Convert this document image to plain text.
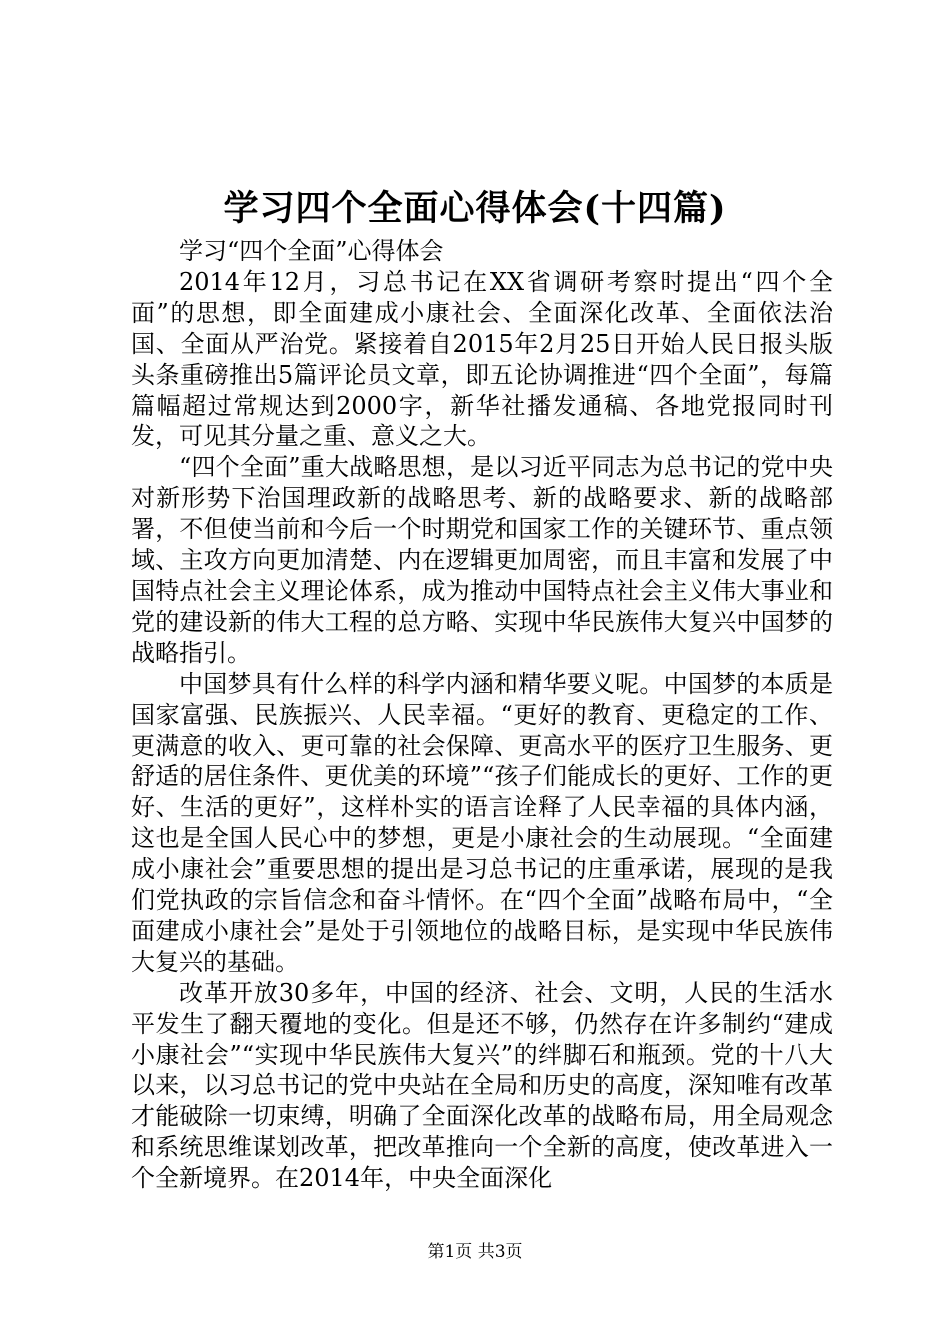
学习四个全面心得体会(十四篇)

学习“四个全面”心得体会

2014年12月，习总书记在XX省调研考察时提出“四个全面”的思想，即全面建成小康社会、全面深化改革、全面依法治国、全面从严治党。紧接着自2015年2月25日开始人民日报头版头条重磅推出5篇评论员文章，即五论协调推进“四个全面”，每篇篇幅超过常规达到2000字，新华社播发通稿、各地党报同时刊发，可见其分量之重、意义之大。

“四个全面”重大战略思想，是以习近平同志为总书记的党中央对新形势下治国理政新的战略思考、新的战略要求、新的战略部署，不但使当前和今后一个时期党和国家工作的关键环节、重点领域、主攻方向更加清楚、内在逻辑更加周密，而且丰富和发展了中国特点社会主义理论体系，成为推动中国特点社会主义伟大事业和党的建设新的伟大工程的总方略、实现中华民族伟大复兴中国梦的战略指引。

中国梦具有什么样的科学内涵和精华要义呢。中国梦的本质是国家富强、民族振兴、人民幸福。“更好的教育、更稳定的工作、更满意的收入、更可靠的社会保障、更高水平的医疗卫生服务、更舒适的居住条件、更优美的环境”“孩子们能成长的更好、工作的更好、生活的更好”，这样朴实的语言诠释了人民幸福的具体内涵，这也是全国人民心中的梦想，更是小康社会的生动展现。“全面建成小康社会”重要思想的提出是习总书记的庄重承诺，展现的是我们党执政的宗旨信念和奋斗情怀。在“四个全面”战略布局中，“全面建成小康社会”是处于引领地位的战略目标，是实现中华民族伟大复兴的基础。

改革开放30多年，中国的经济、社会、文明，人民的生活水平发生了翻天覆地的变化。但是还不够，仍然存在许多制约“建成小康社会”“实现中华民族伟大复兴”的绊脚石和瓶颈。党的十八大以来，以习总书记的党中央站在全局和历史的高度，深知唯有改革才能破除一切束缚，明确了全面深化改革的战略布局，用全局观念和系统思维谋划改革，把改革推向一个全新的高度，使改革进入一个全新境界。在2014年，中央全面深化

第1页 共3页
